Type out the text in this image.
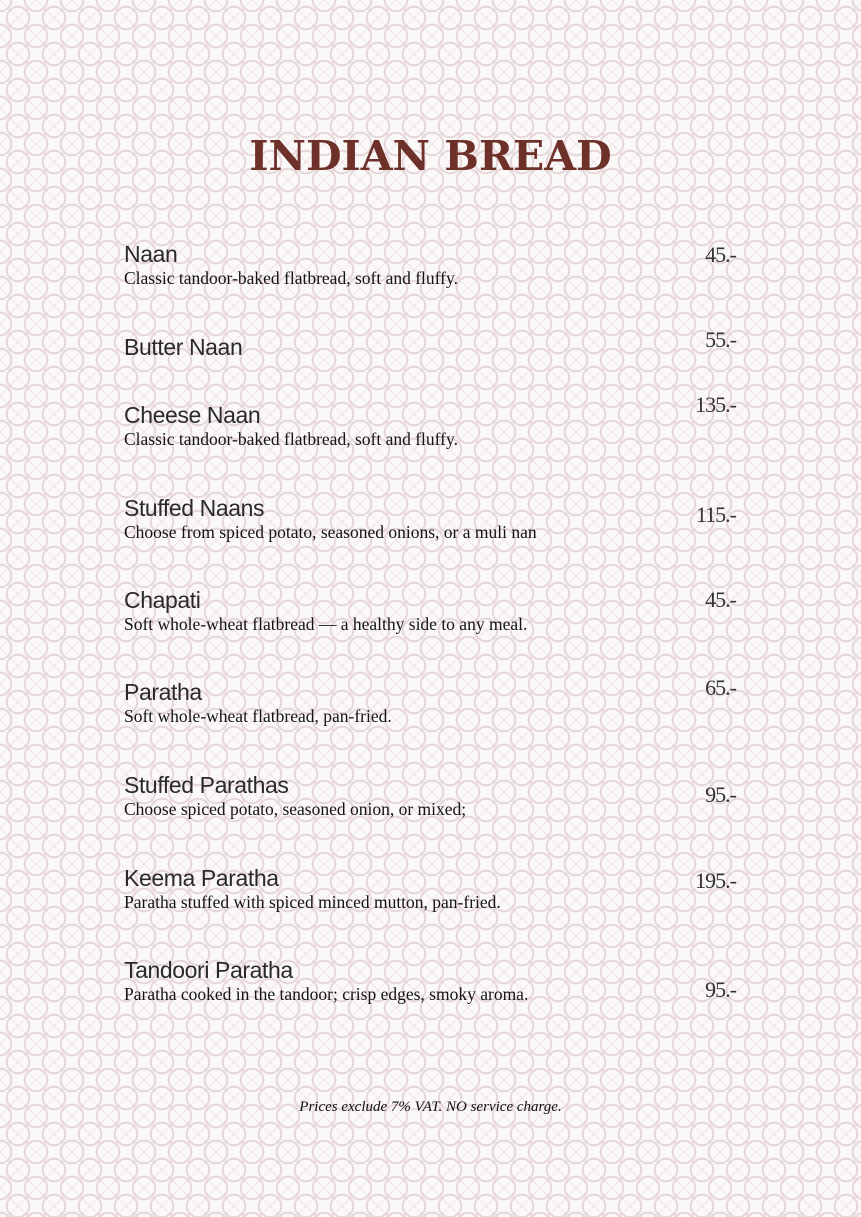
INDIAN BREAD
Naan
Classic tandoor-baked flatbread, soft and fluffy.
45.-
Butter Naan	55.-
Cheese Naan
Classic tandoor-baked flatbread, soft and fluffy.
135.-
Stuffed Naans
Choose from spiced potato, seasoned onions, or a muli nan
115.-
Chapati
Soft whole-wheat flatbread — a healthy side to any meal.
45.-
Paratha
Soft whole-wheat flatbread, pan-fried.
65.-
Stuffed Parathas
Choose spiced potato, seasoned onion, or mixed;
95.-
Keema Paratha
Paratha stuffed with spiced minced mutton, pan-fried.
195.-
Tandoori Paratha
Paratha cooked in the tandoor; crisp edges, smoky aroma.	95.-

Prices exclude 7% VAT. NO service charge.
